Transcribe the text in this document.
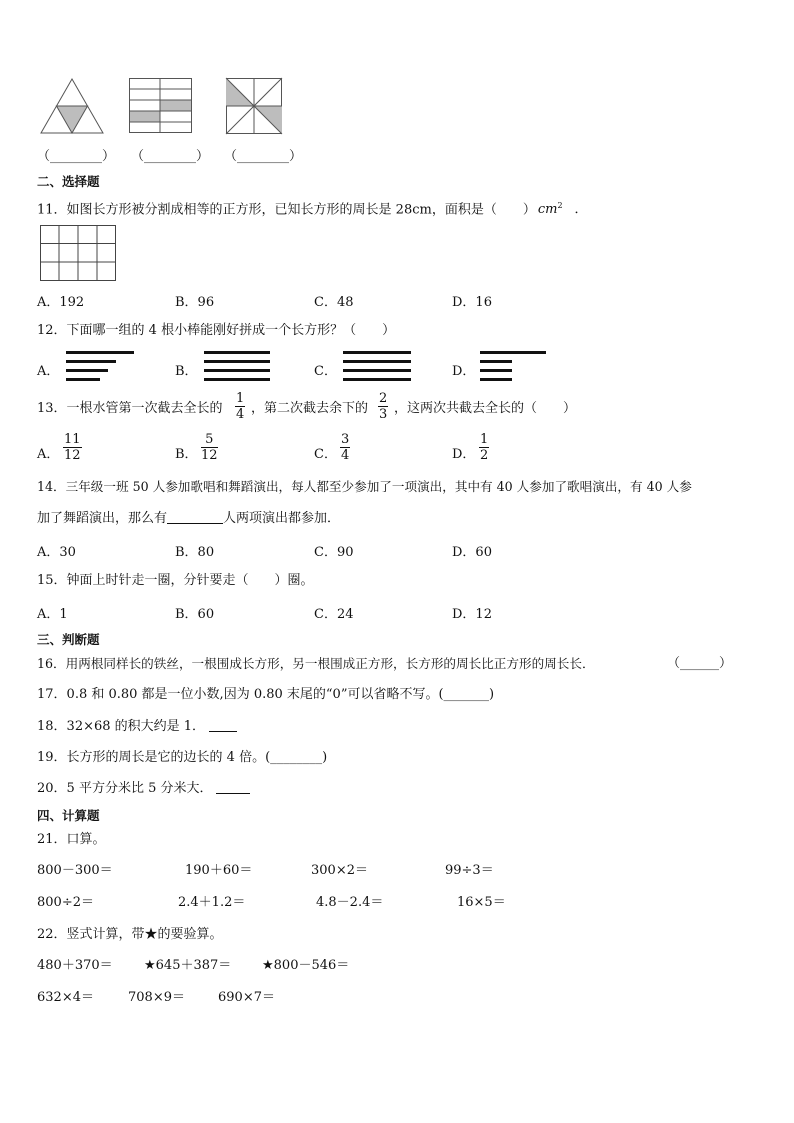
（________） （________） （________）
二、选择题
11．如图长方形被分割成相等的正方形，已知长方形的周长是 28cm，面积是（　　） $cm^2$ ．
A．192	B．96	C．48	D．16
12．下面哪一组的 4 根小棒能刚好拼成一个长方形？（　　）
A．	B．	C．	D．
13．一根水管第一次截去全长的 $\frac{1}{4}$ ，第二次截去余下的 $\frac{2}{3}$ ，这两次共截去全长的（　　）
A． $\frac{11}{12}$	B． $\frac{5}{12}$	C． $\frac{3}{4}$	D． $\frac{1}{2}$
14．三年级一班 50 人参加歌唱和舞蹈演出，每人都至少参加了一项演出，其中有 40 人参加了歌唱演出，有 40 人参
加了舞蹈演出，那么有	人两项演出都参加．
A．30	B．80	C．90	D．60
15．钟面上时针走一圈，分针要走（　　）圈。
A．1	B．60	C．24	D．12
三、判断题
16．用两根同样长的铁丝，一根围成长方形，另一根围成正方形，长方形的周长比正方形的周长长．	（______）
17．0.8 和 0.80 都是一位小数,因为 0.80 末尾的“0”可以省略不写。(_______)
18．32×68 的积大约是 1．
19．长方形的周长是它的边长的 4 倍。(________)
20．5 平方分米比 5 分米大．
四、计算题
21．口算。
800－300＝	190＋60＝	300×2＝	99÷3＝
800÷2＝	2.4＋1.2＝	4.8－2.4＝	16×5＝
22．竖式计算，带★的要验算。
480＋370＝ ★645＋387＝ ★800－546＝
632×4＝	708×9＝	690×7＝
